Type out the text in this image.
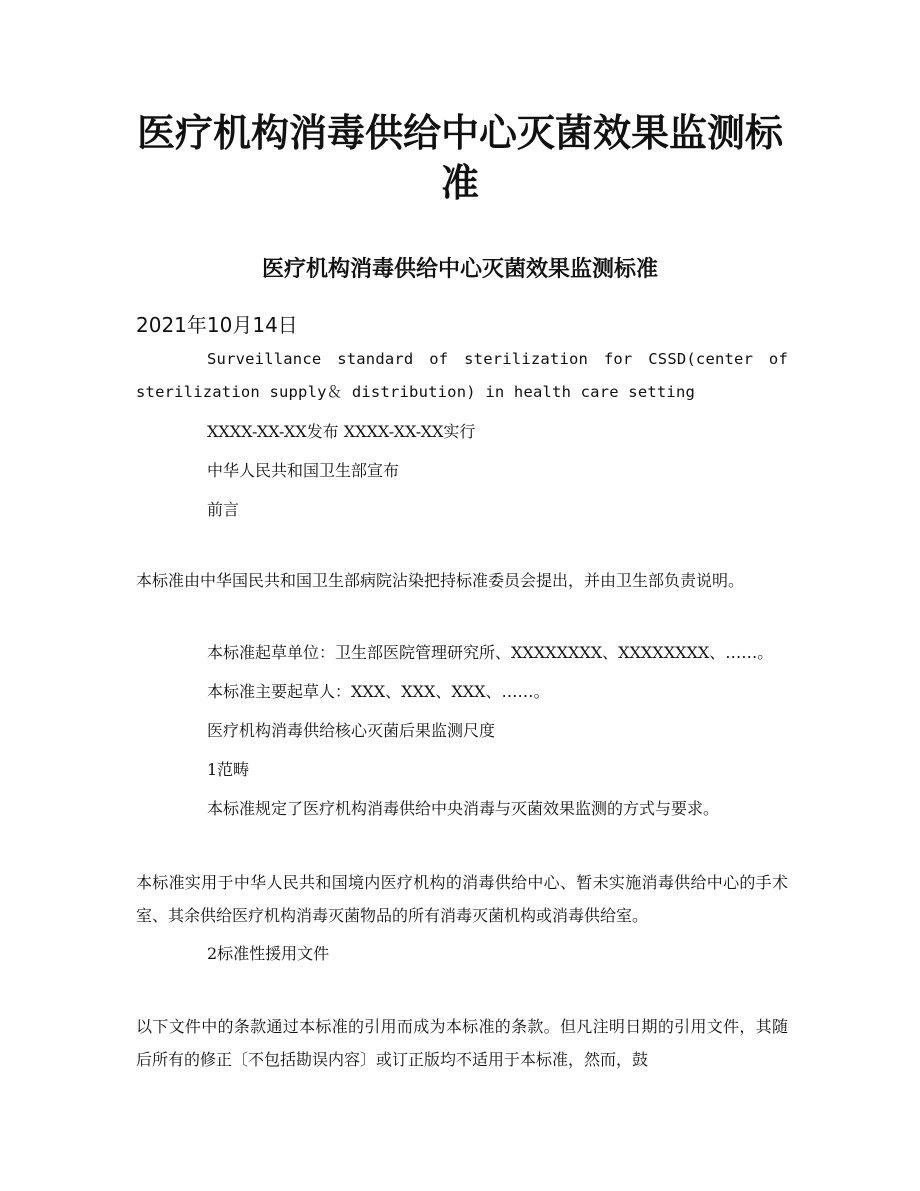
医疗机构消毒供给中心灭菌效果监测标准
医疗机构消毒供给中心灭菌效果监测标准
2021年10月14日

Surveillance standard of sterilization for CSSD(center of sterilization supply＆ distribution) in health care setting

XXXX-XX-XX发布 XXXX-XX-XX实行

中华人民共和国卫生部宣布

前言

本标准由中华国民共和国卫生部病院沾染把持标准委员会提出，并由卫生部负责说明。

本标准起草单位：卫生部医院管理研究所、XXXXXXXX、XXXXXXXX、……。

本标准主要起草人：XXX、XXX、XXX、……。

医疗机构消毒供给核心灭菌后果监测尺度

1范畴

本标准规定了医疗机构消毒供给中央消毒与灭菌效果监测的方式与要求。

本标准实用于中华人民共和国境内医疗机构的消毒供给中心、暂未实施消毒供给中心的手术室、其余供给医疗机构消毒灭菌物品的所有消毒灭菌机构或消毒供给室。

2标准性援用文件

以下文件中的条款通过本标准的引用而成为本标准的条款。但凡注明日期的引用文件，其随后所有的修正〔不包括勘误内容〕或订正版均不适用于本标准，然而，鼓
